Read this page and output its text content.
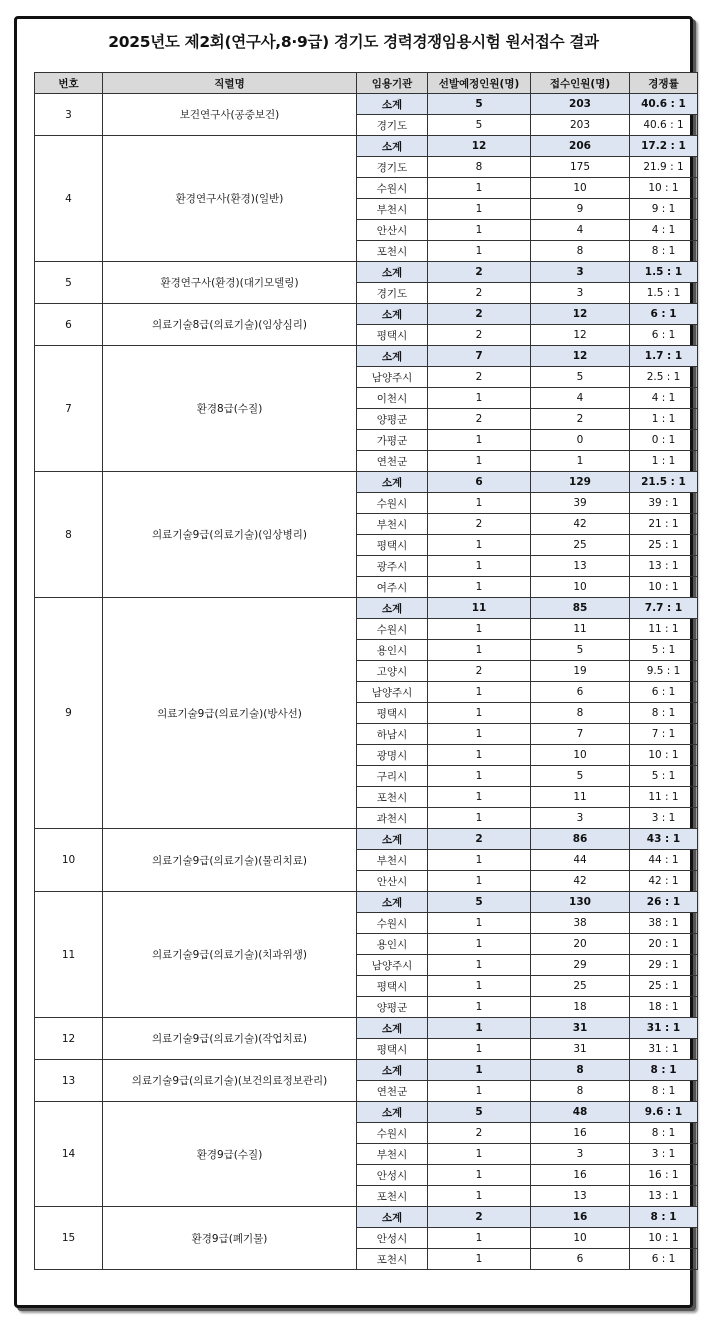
2025년도 제2회(연구사,8·9급) 경기도 경력경쟁임용시험 원서접수 결과
번호	직렬명	임용기관	선발예정인원(명)	접수인원(명)	경쟁률
3	보건연구사(공중보건)	소계	5	203	40.6 : 1
		경기도	5	203	40.6 : 1
4	환경연구사(환경)(일반)	소계	12	206	17.2 : 1
		경기도	8	175	21.9 : 1
		수원시	1	10	10 : 1
		부천시	1	9	9 : 1
		안산시	1	4	4 : 1
		포천시	1	8	8 : 1
5	환경연구사(환경)(대기모델링)	소계	2	3	1.5 : 1
		경기도	2	3	1.5 : 1
6	의료기술8급(의료기술)(임상심리)	소계	2	12	6 : 1
		평택시	2	12	6 : 1
7	환경8급(수질)	소계	7	12	1.7 : 1
		남양주시	2	5	2.5 : 1
		이천시	1	4	4 : 1
		양평군	2	2	1 : 1
		가평군	1	0	0 : 1
		연천군	1	1	1 : 1
8	의료기술9급(의료기술)(임상병리)	소계	6	129	21.5 : 1
		수원시	1	39	39 : 1
		부천시	2	42	21 : 1
		평택시	1	25	25 : 1
		광주시	1	13	13 : 1
		여주시	1	10	10 : 1
9	의료기술9급(의료기술)(방사선)	소계	11	85	7.7 : 1
		수원시	1	11	11 : 1
		용인시	1	5	5 : 1
		고양시	2	19	9.5 : 1
		남양주시	1	6	6 : 1
		평택시	1	8	8 : 1
		하남시	1	7	7 : 1
		광명시	1	10	10 : 1
		구리시	1	5	5 : 1
		포천시	1	11	11 : 1
		과천시	1	3	3 : 1
10	의료기술9급(의료기술)(물리치료)	소계	2	86	43 : 1
		부천시	1	44	44 : 1
		안산시	1	42	42 : 1
11	의료기술9급(의료기술)(치과위생)	소계	5	130	26 : 1
		수원시	1	38	38 : 1
		용인시	1	20	20 : 1
		남양주시	1	29	29 : 1
		평택시	1	25	25 : 1
		양평군	1	18	18 : 1
12	의료기술9급(의료기술)(작업치료)	소계	1	31	31 : 1
		평택시	1	31	31 : 1
13	의료기술9급(의료기술)(보건의료정보관리)	소계	1	8	8 : 1
		연천군	1	8	8 : 1
14	환경9급(수질)	소계	5	48	9.6 : 1
		수원시	2	16	8 : 1
		부천시	1	3	3 : 1
		안성시	1	16	16 : 1
		포천시	1	13	13 : 1
15	환경9급(폐기물)	소계	2	16	8 : 1
		안성시	1	10	10 : 1
		포천시	1	6	6 : 1
